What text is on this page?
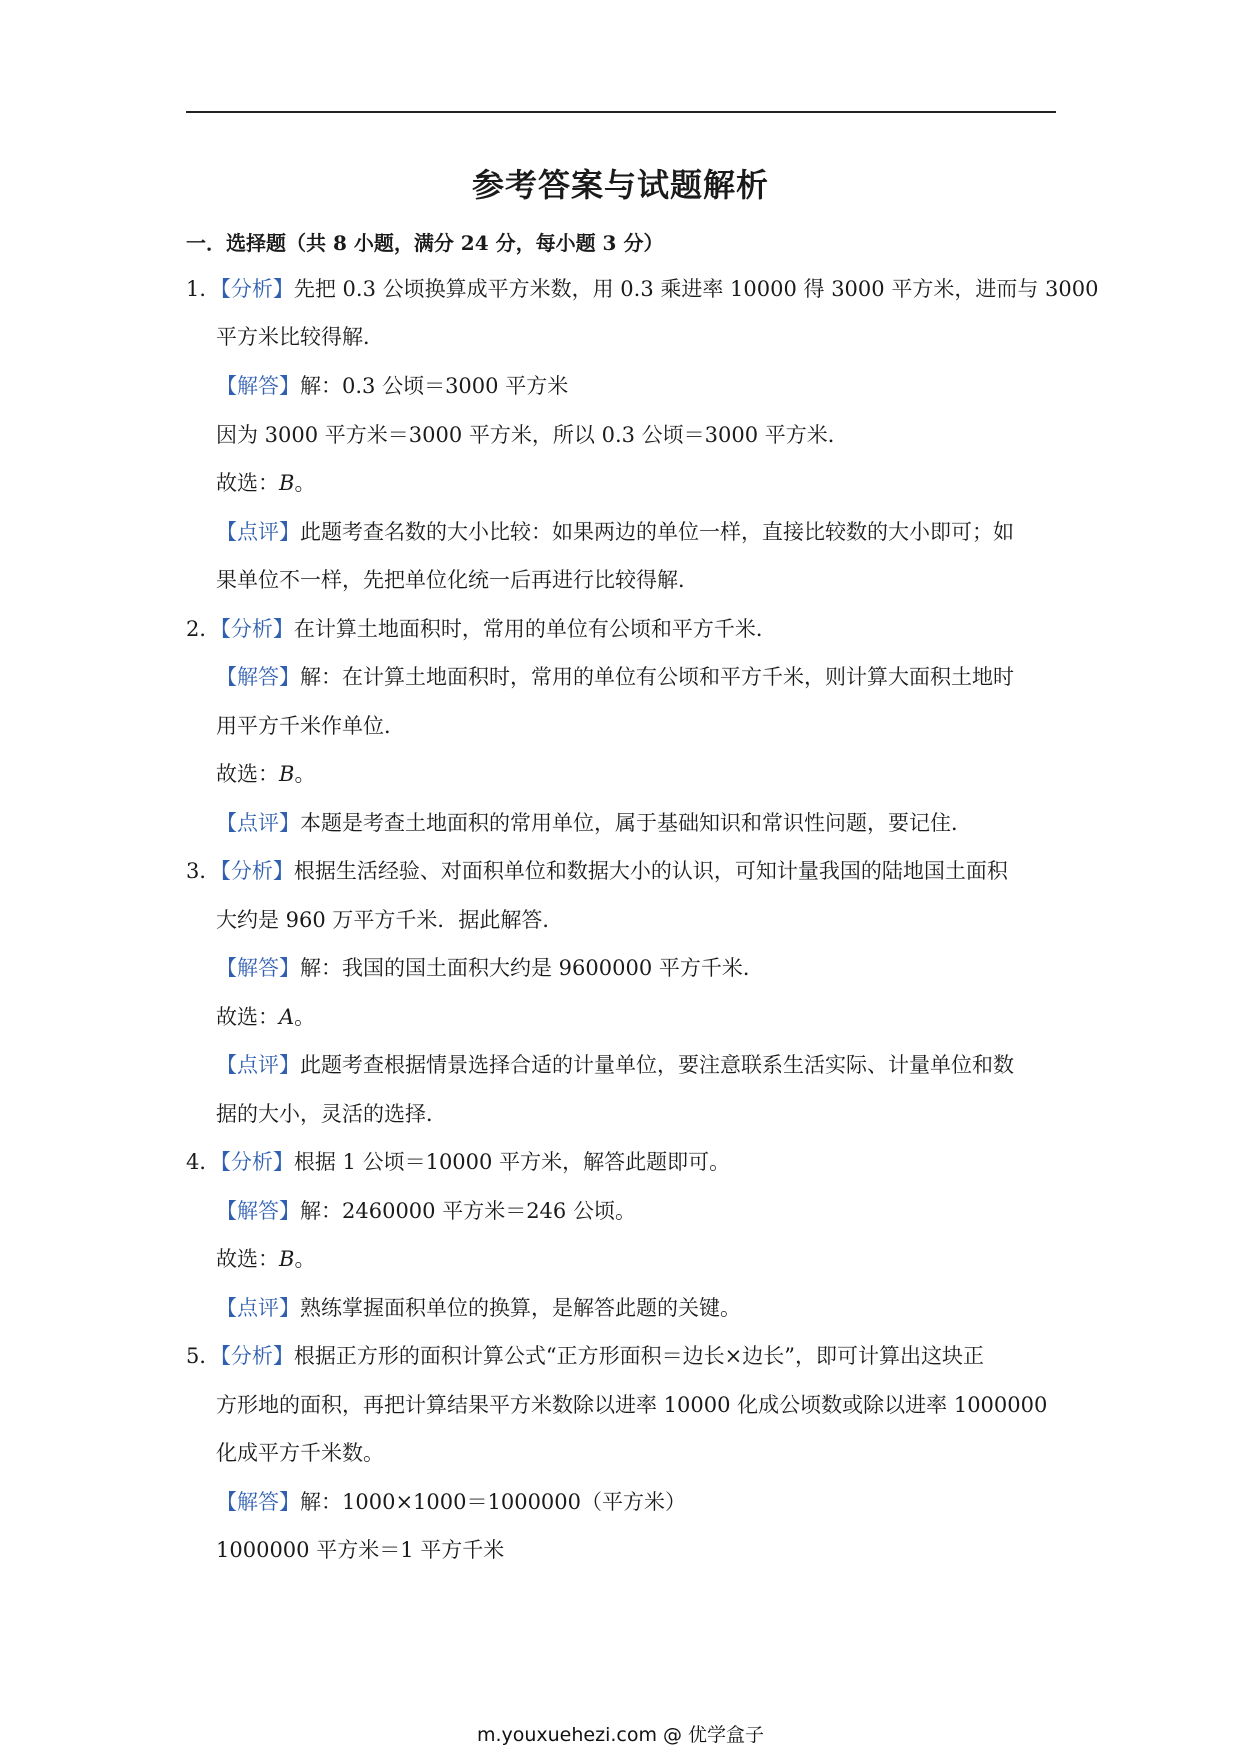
参考答案与试题解析
一．选择题（共 8 小题，满分 24 分，每小题 3 分）
1．【分析】先把 0.3 公顷换算成平方米数，用 0.3 乘进率 10000 得 3000 平方米，进而与 3000
平方米比较得解．
【解答】解：0.3 公顷＝3000 平方米
因为 3000 平方米＝3000 平方米，所以 0.3 公顷＝3000 平方米．
故选：B。
【点评】此题考查名数的大小比较：如果两边的单位一样，直接比较数的大小即可；如
果单位不一样，先把单位化统一后再进行比较得解．
2．【分析】在计算土地面积时，常用的单位有公顷和平方千米．
【解答】解：在计算土地面积时，常用的单位有公顷和平方千米，则计算大面积土地时
用平方千米作单位．
故选：B。
【点评】本题是考查土地面积的常用单位，属于基础知识和常识性问题，要记住．
3．【分析】根据生活经验、对面积单位和数据大小的认识，可知计量我国的陆地国土面积
大约是 960 万平方千米．据此解答．
【解答】解：我国的国土面积大约是 9600000 平方千米．
故选：A。
【点评】此题考查根据情景选择合适的计量单位，要注意联系生活实际、计量单位和数
据的大小，灵活的选择．
4．【分析】根据 1 公顷＝10000 平方米，解答此题即可。
【解答】解：2460000 平方米＝246 公顷。
故选：B。
【点评】熟练掌握面积单位的换算，是解答此题的关键。
5．【分析】根据正方形的面积计算公式“正方形面积＝边长×边长”，即可计算出这块正
方形地的面积，再把计算结果平方米数除以进率 10000 化成公顷数或除以进率 1000000
化成平方千米数。
【解答】解：1000×1000＝1000000（平方米）
1000000 平方米＝1 平方千米
m.youxuehezi.com @ 优学盒子
